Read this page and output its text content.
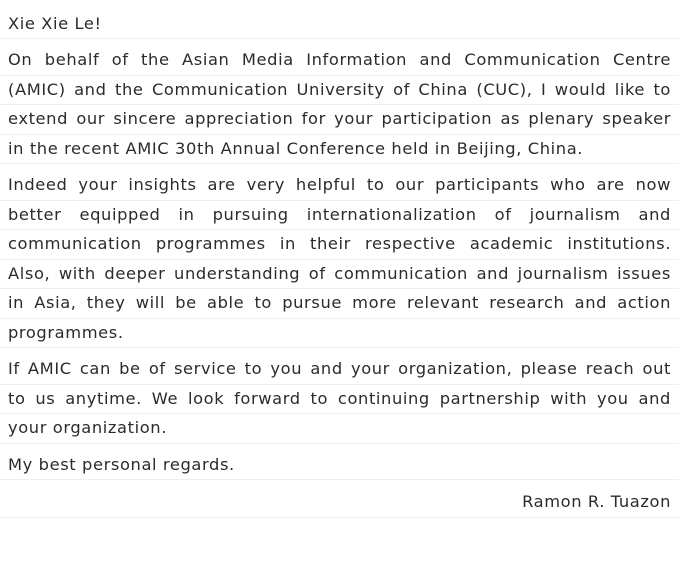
Xie Xie Le!
On behalf of the Asian Media Information and Communication Centre
(AMIC) and the Communication University of China (CUC), I would like to
extend our sincere appreciation for your participation as plenary speaker
in the recent AMIC 30th Annual Conference held in Beijing, China.
Indeed your insights are very helpful to our participants who are now
better equipped in pursuing internationalization of journalism and
communication programmes in their respective academic institutions.
Also, with deeper understanding of communication and journalism issues
in Asia, they will be able to pursue more relevant research and action
programmes.
If AMIC can be of service to you and your organization, please reach out
to us anytime. We look forward to continuing partnership with you and
your organization.
My best personal regards.
Ramon R. Tuazon
